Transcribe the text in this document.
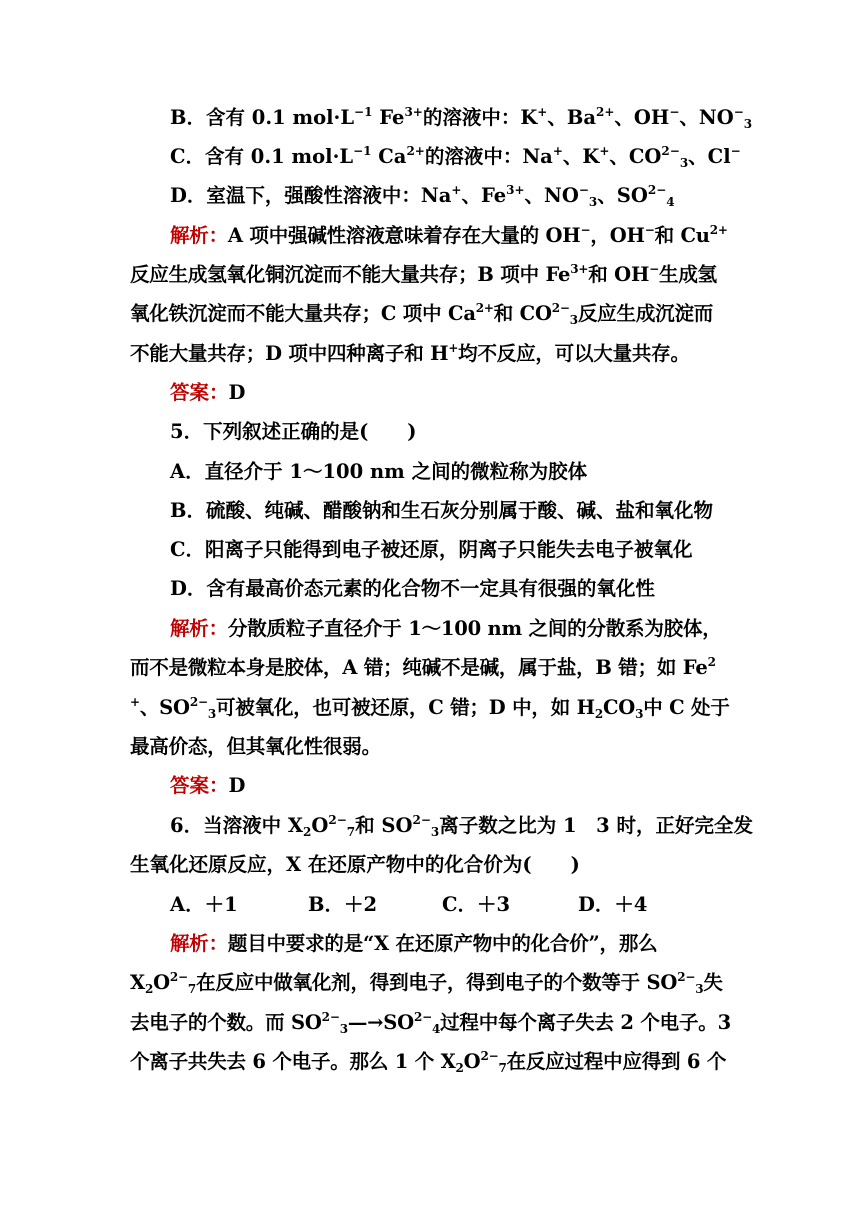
B．含有 0.1 $mol\cdot L^{-1}$ $Fe^{3+}$的溶液中：K+、$Ba^{2+}$、OH−、$NO^-_3$
C．含有 0.1 $mol\cdot L^{-1}$ $Ca^{2+}$的溶液中：Na+、K+、$CO^{2-}_3$、Cl−
D．室温下，强酸性溶液中：Na+、$Fe^{3+}$、$NO^-_3$、$SO^{2-}_4$
解析：A 项中强碱性溶液意味着存在大量的 OH−，OH−和 $Cu^{2+}$
反应生成氢氧化铜沉淀而不能大量共存；B 项中 $Fe^{3+}$和 OH−生成氢
氧化铁沉淀而不能大量共存；C 项中 $Ca^{2+}$和 $CO^{2-}_3$反应生成沉淀而
不能大量共存；D 项中四种离子和 H+均不反应，可以大量共存。
答案：D
5．下列叙述正确的是(　　)
A．直径介于 1～100 nm 之间的微粒称为胶体
B．硫酸、纯碱、醋酸钠和生石灰分别属于酸、碱、盐和氧化物
C．阳离子只能得到电子被还原，阴离子只能失去电子被氧化
D．含有最高价态元素的化合物不一定具有很强的氧化性
解析：分散质粒子直径介于 1～100 nm 之间的分散系为胶体，
而不是微粒本身是胶体，A 错；纯碱不是碱，属于盐，B 错；如 Fe$^2$
+、$SO^{2-}_3$可被氧化，也可被还原，C 错；D 中，如 $H_2CO_3$中 C 处于
最高价态，但其氧化性很弱。
答案：D
6．当溶液中 $X_2O^{2-}_7$和 $SO^{2-}_3$离子数之比为 1　3 时，正好完全发
生氧化还原反应，X 在还原产物中的化合价为(　　)
A．＋1	B．＋2	C．＋3	D．＋4
解析：题目中要求的是“X 在还原产物中的化合价”，那么
$X_2O^{2-}_7$在反应中做氧化剂，得到电子，得到电子的个数等于 $SO^{2-}_3$失
去电子的个数。而 $SO^{2-}_3—\to SO^{2-}_4$过程中每个离子失去 2 个电子。3
个离子共失去 6 个电子。那么 1 个 $X_2O^{2-}_7$在反应过程中应得到 6 个
